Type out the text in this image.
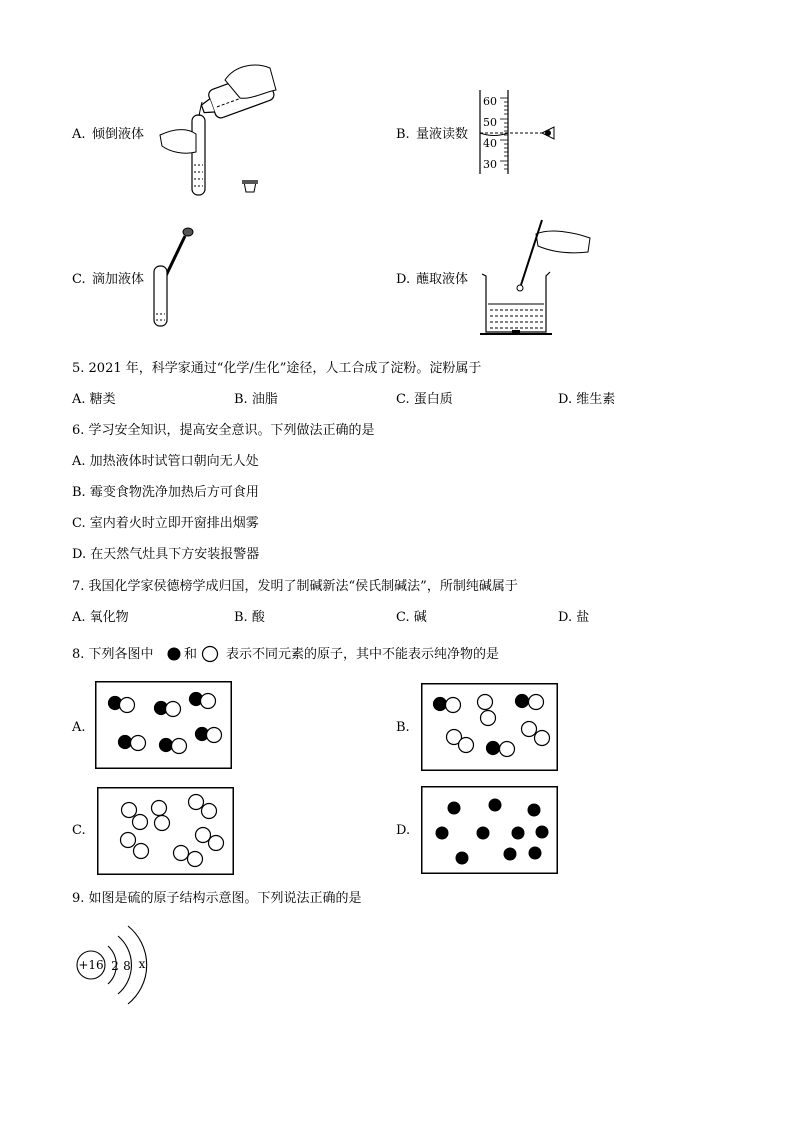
A. 倾倒液体	B. 量液读数
60
50
40
30
C. 滴加液体	D. 蘸取液体
5. 2021 年，科学家通过“化学/生化”途径，人工合成了淀粉。淀粉属于
A. 糖类	B. 油脂	C. 蛋白质	D. 维生素
6. 学习安全知识，提高安全意识。下列做法正确的是
A. 加热液体时试管口朝向无人处
B. 霉变食物洗净加热后方可食用
C. 室内着火时立即开窗排出烟雾
D. 在天然气灶具下方安装报警器
7. 我国化学家侯德榜学成归国，发明了制碱新法“侯氏制碱法”，所制纯碱属于
A. 氧化物	B. 酸	C. 碱	D. 盐
8. 下列各图中 和 表示不同元素的原子，其中不能表示纯净物的是
A.	B.
C.	D.
9. 如图是硫的原子结构示意图。下列说法正确的是
+16 2 8 x
